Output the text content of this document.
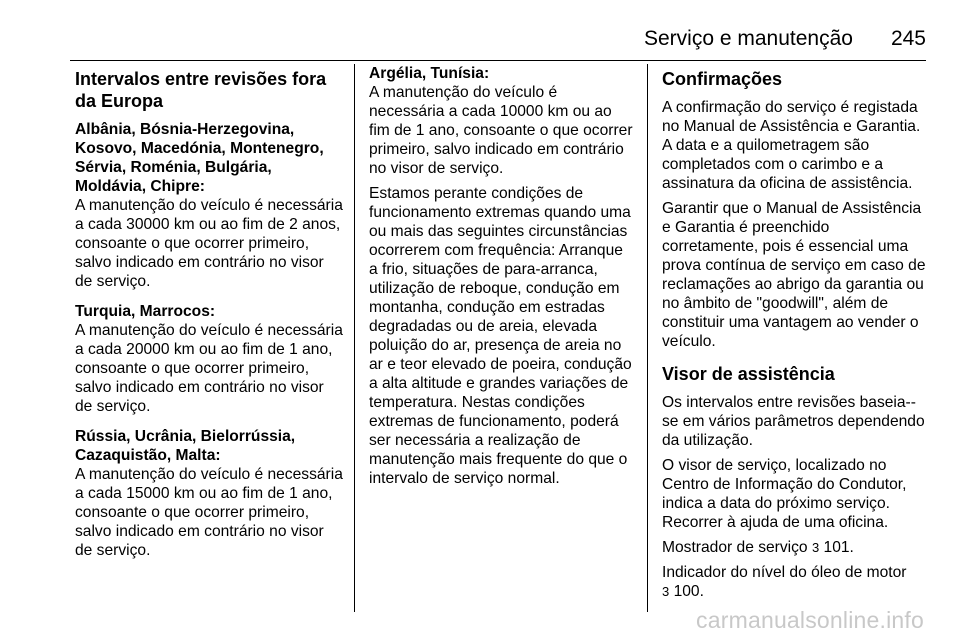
Serviço e manutenção 245
Intervalos entre revisões fora da Europa

Albânia, Bósnia-Herzegovina, Kosovo, Macedónia, Montenegro, Sérvia, Roménia, Bulgária, Moldávia, Chipre:

A manutenção do veículo é necessária a cada 30000 km ou ao fim de 2 anos, consoante o que ocorrer primeiro, salvo indicado em contrário no visor de serviço.

Turquia, Marrocos:

A manutenção do veículo é necessária a cada 20000 km ou ao fim de 1 ano, consoante o que ocorrer primeiro, salvo indicado em contrário no visor de serviço.

Rússia, Ucrânia, Bielorrússia, Cazaquistão, Malta:

A manutenção do veículo é necessária a cada 15000 km ou ao fim de 1 ano, consoante o que ocorrer primeiro, salvo indicado em contrário no visor de serviço.

Argélia, Tunísia:

A manutenção do veículo é necessária a cada 10000 km ou ao fim de 1 ano, consoante o que ocorrer primeiro, salvo indicado em contrário no visor de serviço.

Estamos perante condições de funcionamento extremas quando uma ou mais das seguintes circunstâncias ocorrerem com frequência: Arranque a frio, situações de para-arranca, utilização de reboque, condução em montanha, condução em estradas degradadas ou de areia, elevada poluição do ar, presença de areia no ar e teor elevado de poeira, condução a alta altitude e grandes variações de temperatura. Nestas condições extremas de funcionamento, poderá ser necessária a realização de manutenção mais frequente do que o intervalo de serviço normal.

Confirmações

A confirmação do serviço é registada no Manual de Assistência e Garantia. A data e a quilometragem são completados com o carimbo e a assinatura da oficina de assistência.

Garantir que o Manual de Assistência e Garantia é preenchido corretamente, pois é essencial uma prova contínua de serviço em caso de reclamações ao abrigo da garantia ou no âmbito de "goodwill", além de constituir uma vantagem ao vender o veículo.

Visor de assistência

Os intervalos entre revisões baseia--se em vários parâmetros dependendo da utilização.

O visor de serviço, localizado no Centro de Informação do Condutor, indica a data do próximo serviço. Recorrer à ajuda de uma oficina.

Mostrador de serviço 3 101.

Indicador do nível do óleo de motor
3 100.

carmanualsonline.info
